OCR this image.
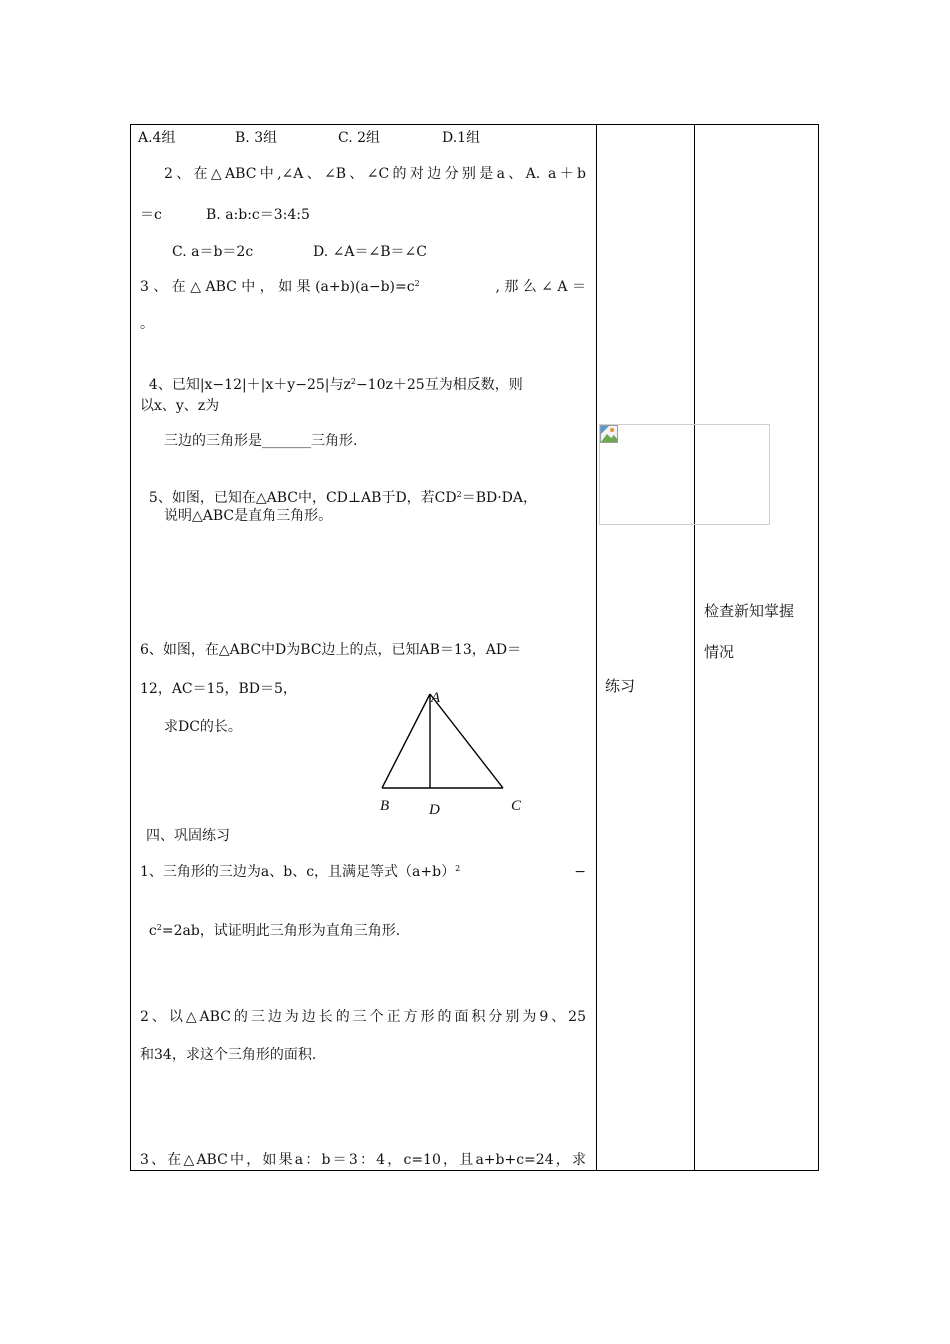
A.4组	B. 3组	C. 2组	D.1组
2、在△ABC中,∠A、∠B、∠C的对边分别是a、A. a＋b
＝c	B. a:b:c＝3:4:5
C. a＝b＝2c	D. ∠A＝∠B＝∠C
3 、 在 △ ABC 中 ， 如 果 $(a+b)(a-b)=c^2$	, 那 么 ∠ A ＝
。

4、已知|x−12|＋|x＋y−25|与$z^2-10z+25$互为相反数，则

以x、y、z为
三边的三角形是_______三角形.

5、如图，已知在△ABC中，CD⊥AB于D，若$CD^2=BD\cdot DA$，

说明△ABC是直角三角形。
6、如图，在△ABC中D为BC边上的点，已知AB＝13，AD＝
12，AC＝15，BD＝5，
求DC的长。
A
B	D	C
四、巩固练习
1、三角形的三边为a、b、c，且满足等式$(a+b)^2$	−

$c^2=2ab$，试证明此三角形为直角三角形.

2、以△ABC的三边为边长的三个正方形的面积分别为9、25
和34，求这个三角形的面积.
3、在△ABC中，如果a：b＝3：4，c=10，且a+b+c=24，求
练习
检查新知掌握
情况
